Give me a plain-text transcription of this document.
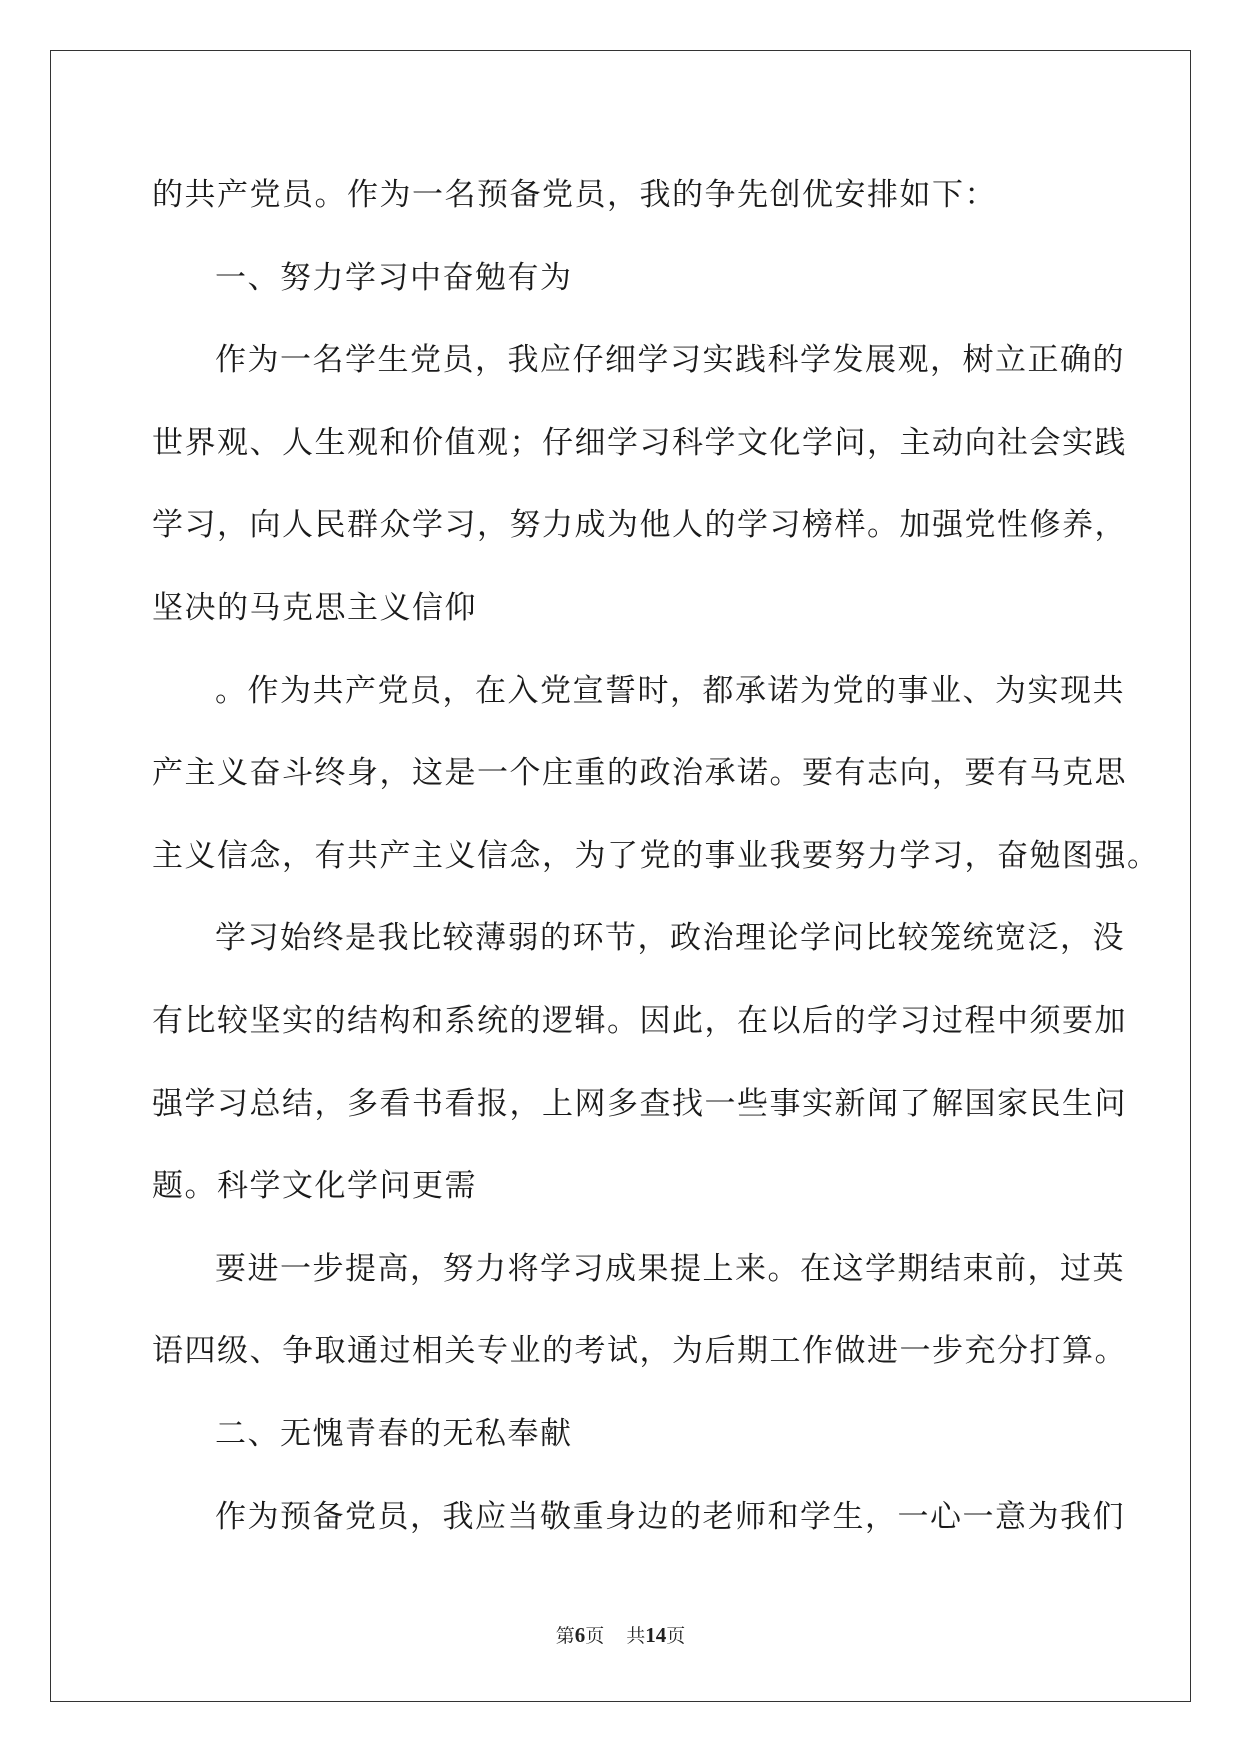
的共产党员。作为一名预备党员，我的争先创优安排如下：
一、努力学习中奋勉有为
作为一名学生党员，我应仔细学习实践科学发展观，树立正确的
世界观、人生观和价值观；仔细学习科学文化学问，主动向社会实践
学习，向人民群众学习，努力成为他人的学习榜样。加强党性修养，
坚决的马克思主义信仰
。作为共产党员，在入党宣誓时，都承诺为党的事业、为实现共
产主义奋斗终身，这是一个庄重的政治承诺。要有志向，要有马克思
主义信念，有共产主义信念，为了党的事业我要努力学习，奋勉图强。
学习始终是我比较薄弱的环节，政治理论学问比较笼统宽泛，没
有比较坚实的结构和系统的逻辑。因此，在以后的学习过程中须要加
强学习总结，多看书看报，上网多查找一些事实新闻了解国家民生问
题。科学文化学问更需
要进一步提高，努力将学习成果提上来。在这学期结束前，过英
语四级、争取通过相关专业的考试，为后期工作做进一步充分打算。
二、无愧青春的无私奉献
作为预备党员，我应当敬重身边的老师和学生，一心一意为我们
第6页 共14页
